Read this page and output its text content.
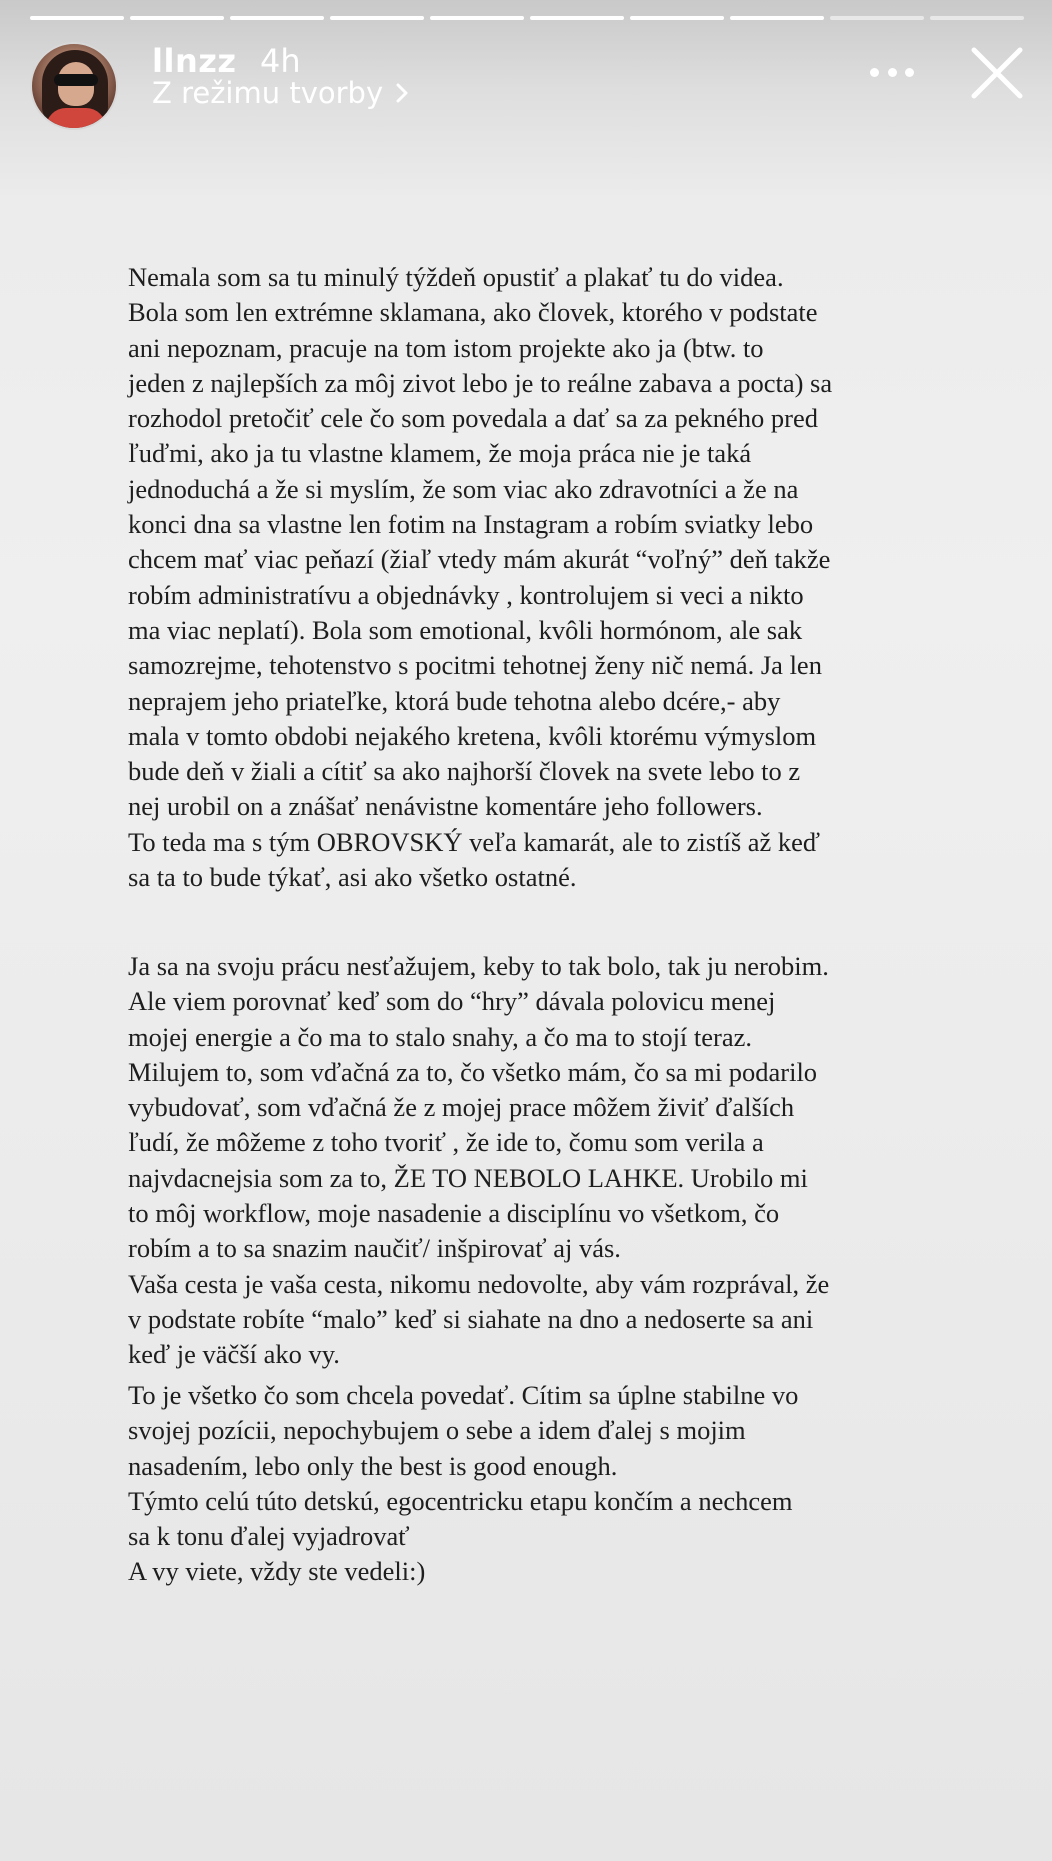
llnzz 4h
Z režimu tvorby
Nemala som sa tu minulý týždeň opustiť a plakať tu do videa.
Bola som len extrémne sklamana, ako človek, ktorého v podstate
ani nepoznam, pracuje na tom istom projekte ako ja (btw. to
jeden z najlepších za môj zivot lebo je to reálne zabava a pocta) sa
rozhodol pretočiť cele čo som povedala a dať sa za pekného pred
ľuďmi, ako ja tu vlastne klamem, že moja práca nie je taká
jednoduchá a že si myslím, že som viac ako zdravotníci a že na
konci dna sa vlastne len fotim na Instagram a robím sviatky lebo
chcem mať viac peňazí (žiaľ vtedy mám akurát “voľný” deň takže
robím administratívu a objednávky , kontrolujem si veci a nikto
ma viac neplatí). Bola som emotional, kvôli hormónom, ale sak
samozrejme, tehotenstvo s pocitmi tehotnej ženy nič nemá. Ja len
neprajem jeho priateľke, ktorá bude tehotna alebo dcére,- aby
mala v tomto obdobi nejakého kretena, kvôli ktorému výmyslom
bude deň v žiali a cítiť sa ako najhorší človek na svete lebo to z
nej urobil on a znášať nenávistne komentáre jeho followers.
To teda ma s tým OBROVSKÝ veľa kamarát, ale to zistíš až keď
sa ta to bude týkať, asi ako všetko ostatné.
Ja sa na svoju prácu nesťažujem, keby to tak bolo, tak ju nerobim.
Ale viem porovnať keď som do “hry” dávala polovicu menej
mojej energie a čo ma to stalo snahy, a čo ma to stojí teraz.
Milujem to, som vďačná za to, čo všetko mám, čo sa mi podarilo
vybudovať, som vďačná že z mojej prace môžem živiť ďalších
ľudí, že môžeme z toho tvoriť , že ide to, čomu som verila a
najvdacnejsia som za to, ŽE TO NEBOLO LAHKE. Urobilo mi
to môj workflow, moje nasadenie a disciplínu vo všetkom, čo
robím a to sa snazim naučiť/ inšpirovať aj vás.
Vaša cesta je vaša cesta, nikomu nedovolte, aby vám rozprával, že
v podstate robíte “malo” keď si siahate na dno a nedoserte sa ani
keď je väčší ako vy.
To je všetko čo som chcela povedať. Cítim sa úplne stabilne vo
svojej pozícii, nepochybujem o sebe a idem ďalej s mojim
nasadením, lebo only the best is good enough.
Týmto celú túto detskú, egocentricku etapu končím a nechcem
sa k tonu ďalej vyjadrovať
A vy viete, vždy ste vedeli:)
